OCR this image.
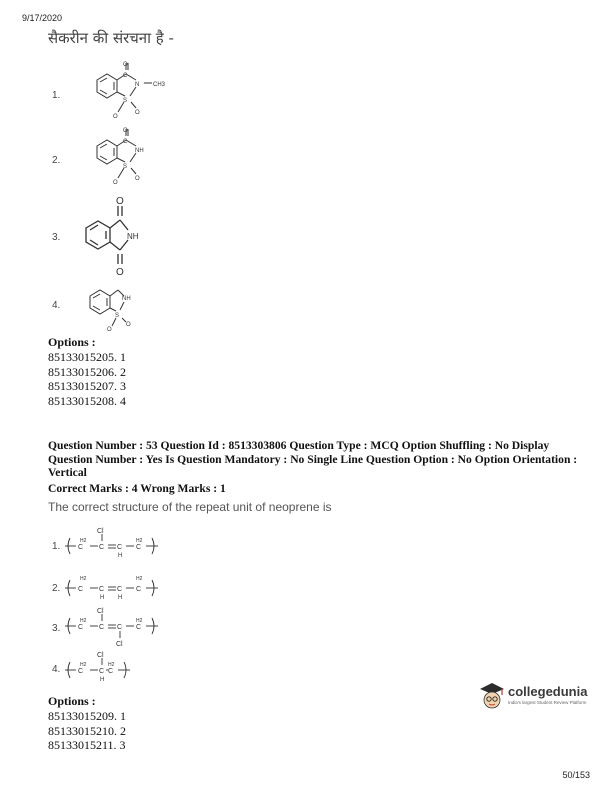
9/17/2020
सैकरीन की संरचना है -
1.
O
C
N CH3
S
O
O
2.
O
C
NH
S
O
O
3.
O
NH
O
4.
NH
S
O
O
Options :
85133015205. 1
85133015206. 2
85133015207. 3
85133015208. 4
Question Number : 53 Question Id : 8513303806 Question Type : MCQ Option Shuffling : No Display Question Number : Yes Is Question Mandatory : No Single Line Question Option : No Option Orientation : Vertical
Correct Marks : 4 Wrong Marks : 1
The correct structure of the repeat unit of neoprene is
1.
Cl
H2
C C C
H
H2
C
2.
H2
C C
H
C
H
H2
C
3.
Cl
H2
C C C
Cl
H2
C
4.
Cl
H2
C C
H
H2
C
Options :
85133015209. 1
85133015210. 2
85133015211. 3
collegedunia
India's largest Student Review Platform
50/153
